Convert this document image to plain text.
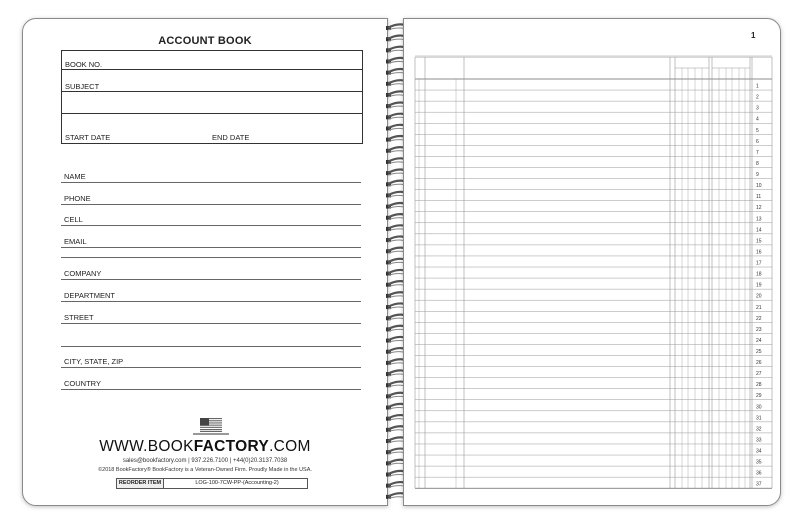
ACCOUNT BOOK
BOOK NO.
SUBJECT
START DATE	END DATE
NAME
PHONE
CELL
EMAIL
COMPANY
DEPARTMENT
STREET
CITY, STATE, ZIP
COUNTRY
WWW.BOOKFACTORY.COM
sales@bookfactory.com | 937.226.7100 | +44(0)20.3137.7038
©2018 BookFactory® BookFactory is a Veteran-Owned Firm. Proudly Made in the USA.
REORDER ITEM	LOG-100-7CW-PP-(Accounting-2)
1
1
2
3
4
5
6
7
8
9
10
11
12
13
14
15
16
17
18
19
20
21
22
23
24
25
26
27
28
29
30
31
32
33
34
35
36
37
